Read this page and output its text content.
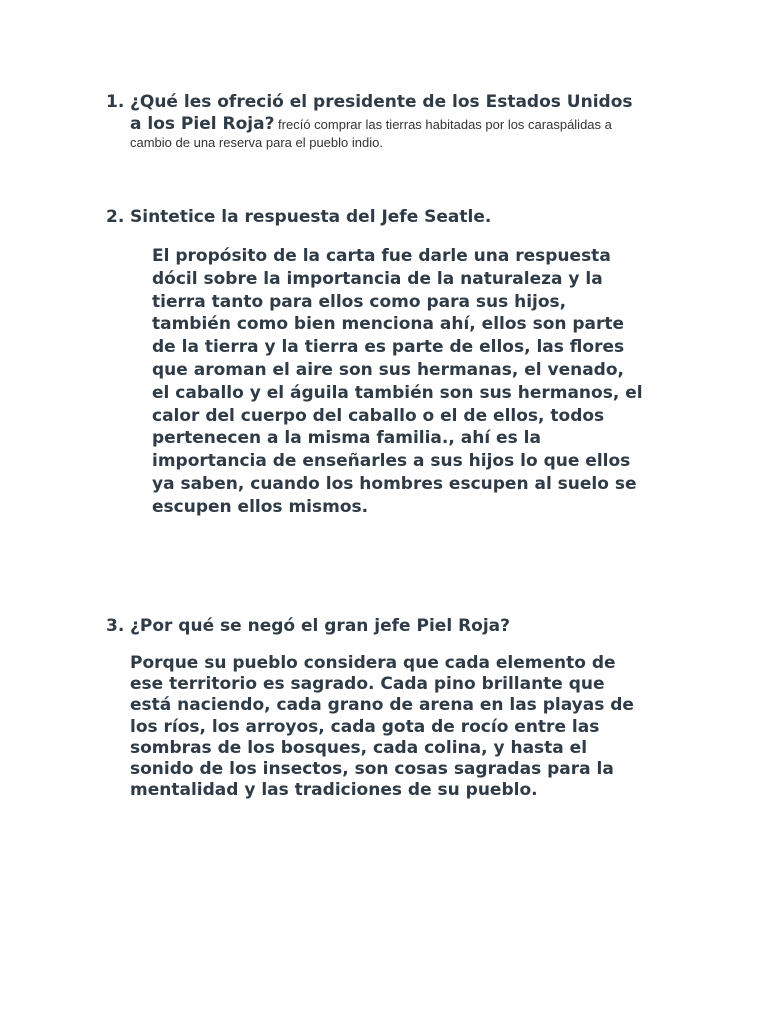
1. ¿Qué les ofreció el presidente de los Estados Unidos
a los Piel Roja? frecíó comprar las tierras habitadas por los caraspálidas a
cambio de una reserva para el pueblo indio.
2. Sintetice la respuesta del Jefe Seatle.
El propósito de la carta fue darle una respuesta
dócil sobre la importancia de la naturaleza y la
tierra tanto para ellos como para sus hijos,
también como bien menciona ahí, ellos son parte
de la tierra y la tierra es parte de ellos, las flores
que aroman el aire son sus hermanas, el venado,
el caballo y el águila también son sus hermanos, el
calor del cuerpo del caballo o el de ellos, todos
pertenecen a la misma familia., ahí es la
importancia de enseñarles a sus hijos lo que ellos
ya saben, cuando los hombres escupen al suelo se
escupen ellos mismos.
3. ¿Por qué se negó el gran jefe Piel Roja?
Porque su pueblo considera que cada elemento de
ese territorio es sagrado. Cada pino brillante que
está naciendo, cada grano de arena en las playas de
los ríos, los arroyos, cada gota de rocío entre las
sombras de los bosques, cada colina, y hasta el
sonido de los insectos, son cosas sagradas para la
mentalidad y las tradiciones de su pueblo.
